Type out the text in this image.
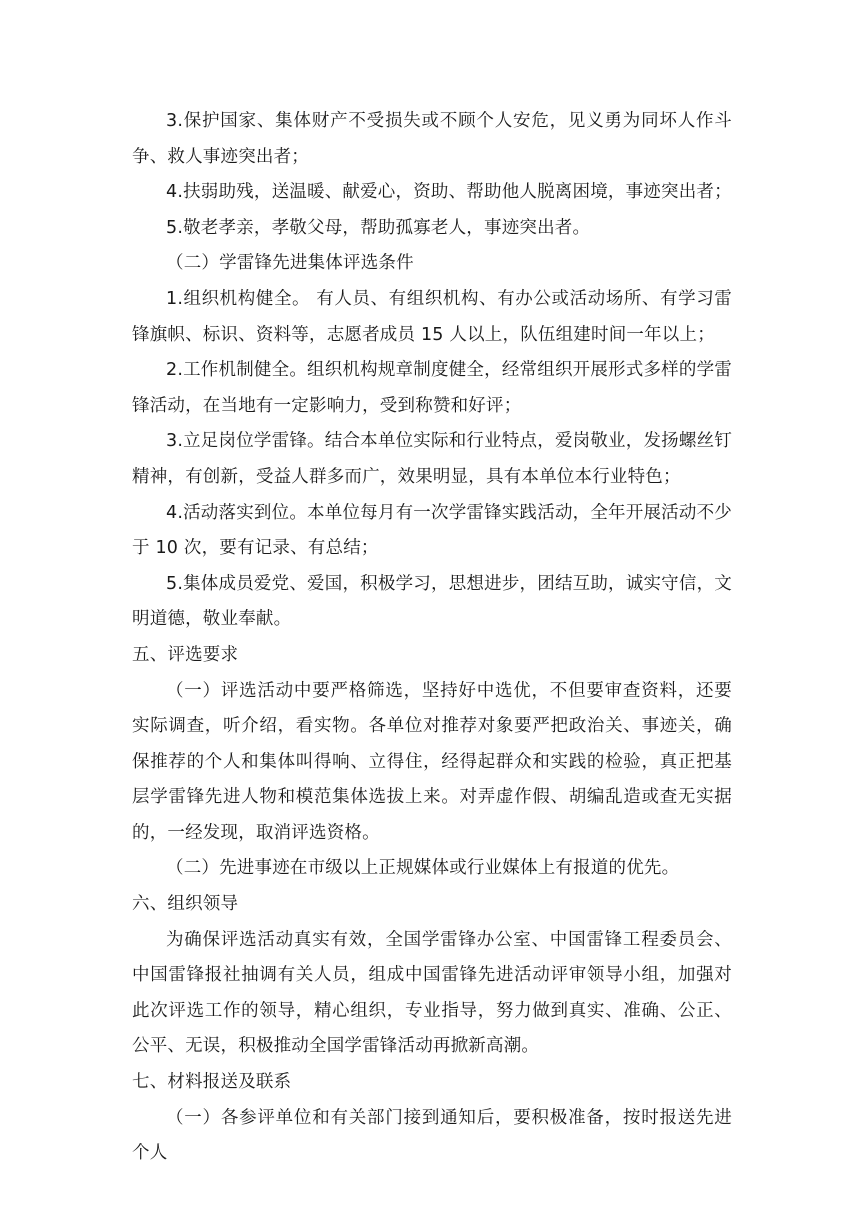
3.保护国家、集体财产不受损失或不顾个人安危，见义勇为同坏人作斗争、救人事迹突出者；

4.扶弱助残，送温暖、献爱心，资助、帮助他人脱离困境，事迹突出者；

5.敬老孝亲，孝敬父母，帮助孤寡老人，事迹突出者。

（二）学雷锋先进集体评选条件

1.组织机构健全。 有人员、有组织机构、有办公或活动场所、有学习雷锋旗帜、标识、资料等，志愿者成员 15 人以上，队伍组建时间一年以上；

2.工作机制健全。组织机构规章制度健全，经常组织开展形式多样的学雷锋活动，在当地有一定影响力，受到称赞和好评；

3.立足岗位学雷锋。结合本单位实际和行业特点，爱岗敬业，发扬螺丝钉精神，有创新，受益人群多而广，效果明显，具有本单位本行业特色；

4.活动落实到位。本单位每月有一次学雷锋实践活动，全年开展活动不少于 10 次，要有记录、有总结；

5.集体成员爱党、爱国，积极学习，思想进步，团结互助，诚实守信，文明道德，敬业奉献。

五、评选要求

（一）评选活动中要严格筛选，坚持好中选优，不但要审查资料，还要实际调查，听介绍，看实物。各单位对推荐对象要严把政治关、事迹关，确保推荐的个人和集体叫得响、立得住，经得起群众和实践的检验，真正把基层学雷锋先进人物和模范集体选拔上来。对弄虚作假、胡编乱造或查无实据的，一经发现，取消评选资格。

（二）先进事迹在市级以上正规媒体或行业媒体上有报道的优先。

六、组织领导

为确保评选活动真实有效，全国学雷锋办公室、中国雷锋工程委员会、中国雷锋报社抽调有关人员，组成中国雷锋先进活动评审领导小组，加强对此次评选工作的领导，精心组织，专业指导，努力做到真实、准确、公正、公平、无误，积极推动全国学雷锋活动再掀新高潮。

七、材料报送及联系

（一）各参评单位和有关部门接到通知后，要积极准备，按时报送先进个人
